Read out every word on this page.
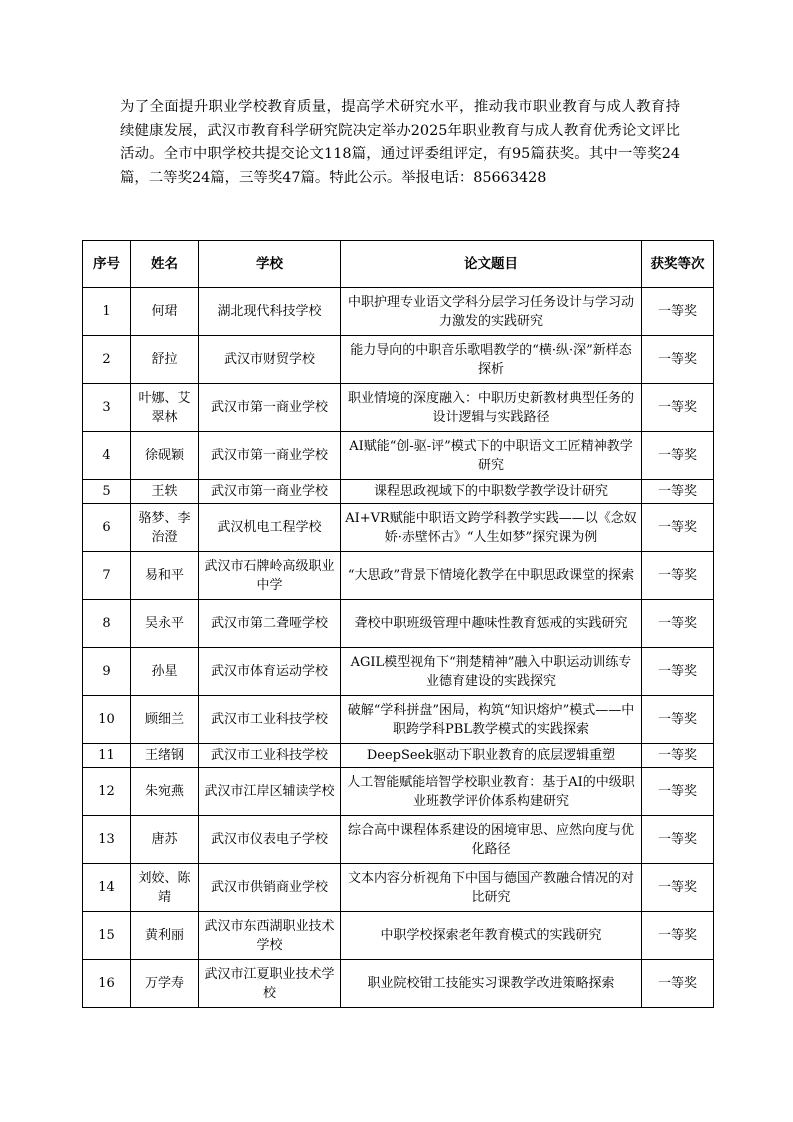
为了全面提升职业学校教育质量，提高学术研究水平，推动我市职业教育与成人教育持续健康发展，武汉市教育科学研究院决定举办2025年职业教育与成人教育优秀论文评比活动。全市中职学校共提交论文118篇，通过评委组评定，有95篇获奖。其中一等奖24篇，二等奖24篇，三等奖47篇。特此公示。举报电话：85663428

序号	姓名	学校	论文题目	获奖等次
1	何珺	湖北现代科技学校	中职护理专业语文学科分层学习任务设计与学习动力激发的实践研究	一等奖
2	舒拉	武汉市财贸学校	能力导向的中职音乐歌唱教学的“横·纵·深”新样态探析	一等奖
3	叶娜、艾翠林	武汉市第一商业学校	职业情境的深度融入：中职历史新教材典型任务的设计逻辑与实践路径	一等奖
4	徐砚颖	武汉市第一商业学校	AI赋能“创-驱-评”模式下的中职语文工匠精神教学研究	一等奖
5	王轶	武汉市第一商业学校	课程思政视域下的中职数学教学设计研究	一等奖
6	骆梦、李治澄	武汉机电工程学校	AI+VR赋能中职语文跨学科教学实践——以《念奴娇·赤壁怀古》“人生如梦”探究课为例	一等奖
7	易和平	武汉市石牌岭高级职业中学	“大思政”背景下情境化教学在中职思政课堂的探索	一等奖
8	吴永平	武汉市第二聋哑学校	聋校中职班级管理中趣味性教育惩戒的实践研究	一等奖
9	孙星	武汉市体育运动学校	AGIL模型视角下“荆楚精神”融入中职运动训练专业德育建设的实践探究	一等奖
10	顾细兰	武汉市工业科技学校	破解“学科拼盘”困局，构筑“知识熔炉”模式——中职跨学科PBL教学模式的实践探索	一等奖
11	王绪钢	武汉市工业科技学校	DeepSeek驱动下职业教育的底层逻辑重塑	一等奖
12	朱宛燕	武汉市江岸区辅读学校	人工智能赋能培智学校职业教育：基于AI的中级职业班教学评价体系构建研究	一等奖
13	唐苏	武汉市仪表电子学校	综合高中课程体系建设的困境审思、应然向度与优化路径	一等奖
14	刘姣、陈靖	武汉市供销商业学校	文本内容分析视角下中国与德国产教融合情况的对比研究	一等奖
15	黄利丽	武汉市东西湖职业技术学校	中职学校探索老年教育模式的实践研究	一等奖
16	万学寿	武汉市江夏职业技术学校	职业院校钳工技能实习课教学改进策略探索	一等奖
